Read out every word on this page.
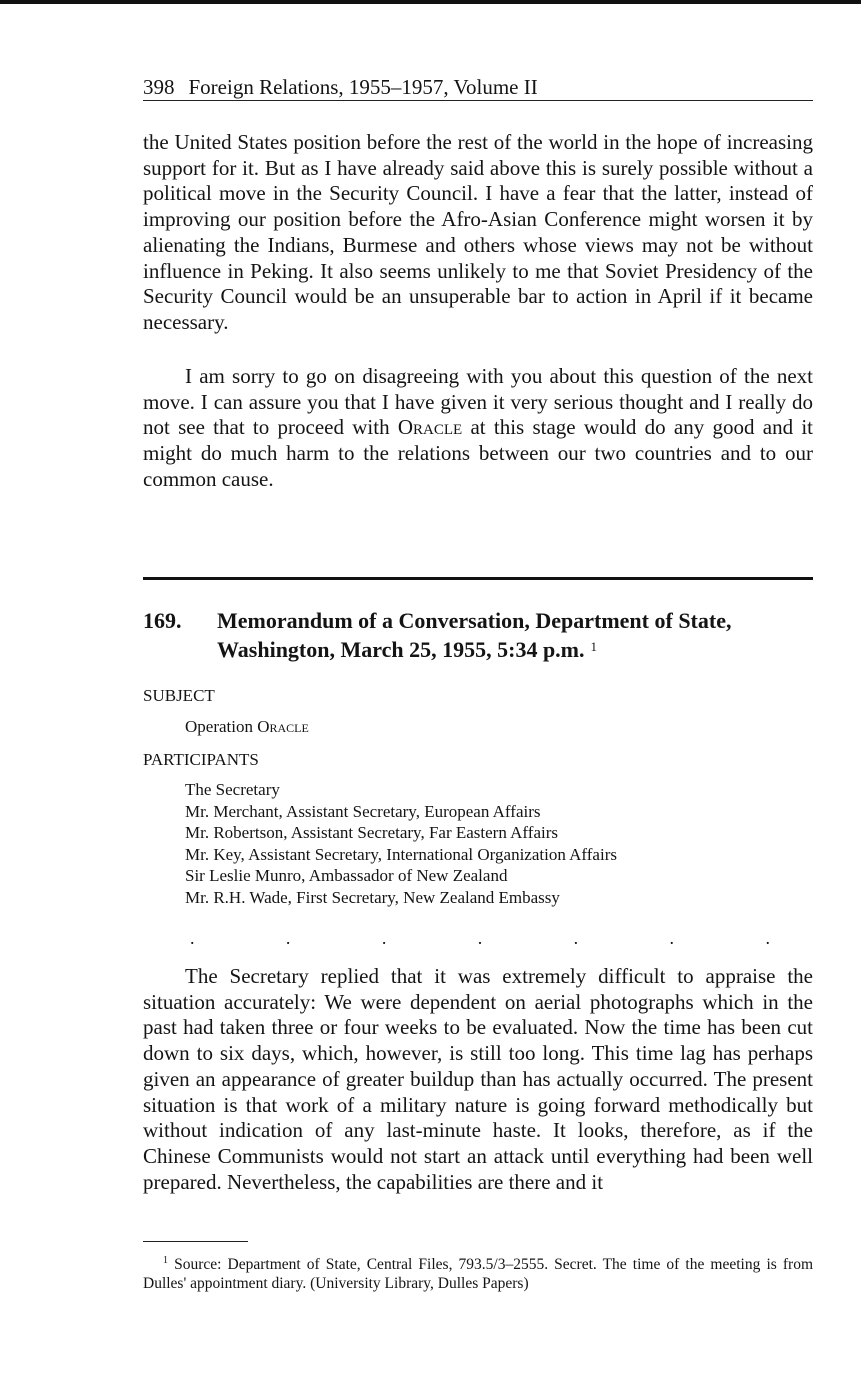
398 Foreign Relations, 1955–1957, Volume II

the United States position before the rest of the world in the hope of increasing support for it. But as I have already said above this is surely possible without a political move in the Security Council. I have a fear that the latter, instead of improving our position before the Afro-Asian Conference might worsen it by alienating the Indians, Burmese and others whose views may not be without influence in Peking. It also seems unlikely to me that Soviet Presidency of the Security Council would be an unsuperable bar to action in April if it became necessary.

I am sorry to go on disagreeing with you about this question of the next move. I can assure you that I have given it very serious thought and I really do not see that to proceed with Oracle at this stage would do any good and it might do much harm to the relations between our two countries and to our common cause.

169. Memorandum of a Conversation, Department of State, Washington, March 25, 1955, 5:34 p.m. $^1$
SUBJECT
Operation Oracle
PARTICIPANTS
The Secretary
Mr. Merchant, Assistant Secretary, European Affairs
Mr. Robertson, Assistant Secretary, Far Eastern Affairs
Mr. Key, Assistant Secretary, International Organization Affairs
Sir Leslie Munro, Ambassador of New Zealand
Mr. R.H. Wade, First Secretary, New Zealand Embassy
.	.	.	.	.	.	.

The Secretary replied that it was extremely difficult to appraise the situation accurately: We were dependent on aerial photographs which in the past had taken three or four weeks to be evaluated. Now the time has been cut down to six days, which, however, is still too long. This time lag has perhaps given an appearance of greater buildup than has actually occurred. The present situation is that work of a military nature is going forward methodically but without indication of any last-minute haste. It looks, therefore, as if the Chinese Communists would not start an attack until everything had been well prepared. Nevertheless, the capabilities are there and it

$^1$ Source: Department of State, Central Files, 793.5/3–2555. Secret. The time of the meeting is from Dulles' appointment diary. (University Library, Dulles Papers)
